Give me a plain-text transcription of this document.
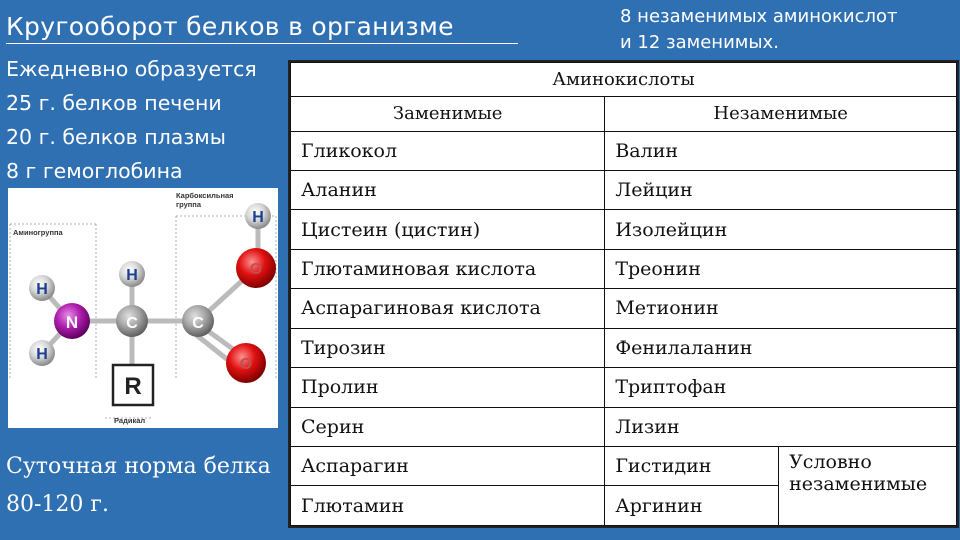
Кругооборот белков в организме
Ежедневно образуется
25 г. белков печени
20 г. белков плазмы
8 г гемоглобина
8 незаменимых аминокислот
и 12 заменимых.
Карбоксильная
группа
Аминогруппа
Радикал
H
H
H
H
N	C	C
O
O
R
Суточная норма белка
80-120 г.
Аминокислоты		
Заменимые	Незаменимые	
Гликокол	Валин	
Аланин	Лейцин	
Цистеин (цистин)	Изолейцин	
Глютаминовая кислота	Треонин	
Аспарагиновая кислота	Метионин	
Тирозин	Фенилаланин	
Пролин	Триптофан	
Серин	Лизин	
Аспарагин	Гистидин	Условно
незаменимые

Глютамин	Аргинин	
